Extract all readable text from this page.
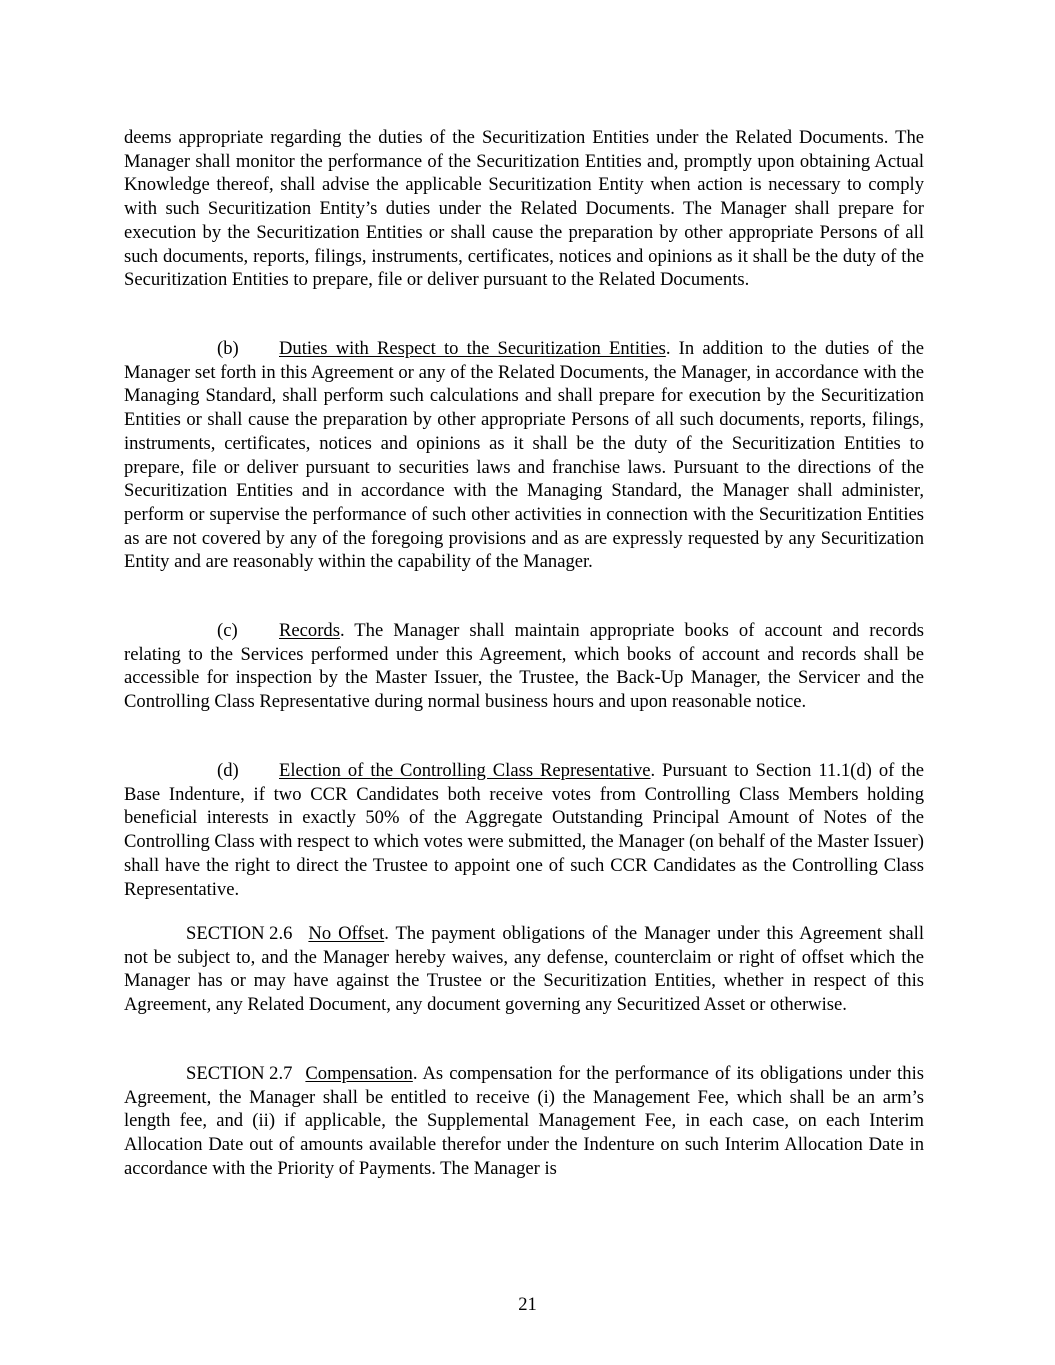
deems appropriate regarding the duties of the Securitization Entities under the Related Documents. The Manager shall monitor the performance of the Securitization Entities and, promptly upon obtaining Actual Knowledge thereof, shall advise the applicable Securitization Entity when action is necessary to comply with such Securitization Entity’s duties under the Related Documents. The Manager shall prepare for execution by the Securitization Entities or shall cause the preparation by other appropriate Persons of all such documents, reports, filings, instruments, certificates, notices and opinions as it shall be the duty of the Securitization Entities to prepare, file or deliver pursuant to the Related Documents.

(b) Duties with Respect to the Securitization Entities. In addition to the duties of the Manager set forth in this Agreement or any of the Related Documents, the Manager, in accordance with the Managing Standard, shall perform such calculations and shall prepare for execution by the Securitization Entities or shall cause the preparation by other appropriate Persons of all such documents, reports, filings, instruments, certificates, notices and opinions as it shall be the duty of the Securitization Entities to prepare, file or deliver pursuant to securities laws and franchise laws. Pursuant to the directions of the Securitization Entities and in accordance with the Managing Standard, the Manager shall administer, perform or supervise the performance of such other activities in connection with the Securitization Entities as are not covered by any of the foregoing provisions and as are expressly requested by any Securitization Entity and are reasonably within the capability of the Manager.

(c) Records. The Manager shall maintain appropriate books of account and records relating to the Services performed under this Agreement, which books of account and records shall be accessible for inspection by the Master Issuer, the Trustee, the Back-Up Manager, the Servicer and the Controlling Class Representative during normal business hours and upon reasonable notice.

(d) Election of the Controlling Class Representative. Pursuant to Section 11.1(d) of the Base Indenture, if two CCR Candidates both receive votes from Controlling Class Members holding beneficial interests in exactly 50% of the Aggregate Outstanding Principal Amount of Notes of the Controlling Class with respect to which votes were submitted, the Manager (on behalf of the Master Issuer) shall have the right to direct the Trustee to appoint one of such CCR Candidates as the Controlling Class Representative.

SECTION 2.6 No Offset. The payment obligations of the Manager under this Agreement shall not be subject to, and the Manager hereby waives, any defense, counterclaim or right of offset which the Manager has or may have against the Trustee or the Securitization Entities, whether in respect of this Agreement, any Related Document, any document governing any Securitized Asset or otherwise.

SECTION 2.7 Compensation. As compensation for the performance of its obligations under this Agreement, the Manager shall be entitled to receive (i) the Management Fee, which shall be an arm’s length fee, and (ii) if applicable, the Supplemental Management Fee, in each case, on each Interim Allocation Date out of amounts available therefor under the Indenture on such Interim Allocation Date in accordance with the Priority of Payments. The Manager is

21
